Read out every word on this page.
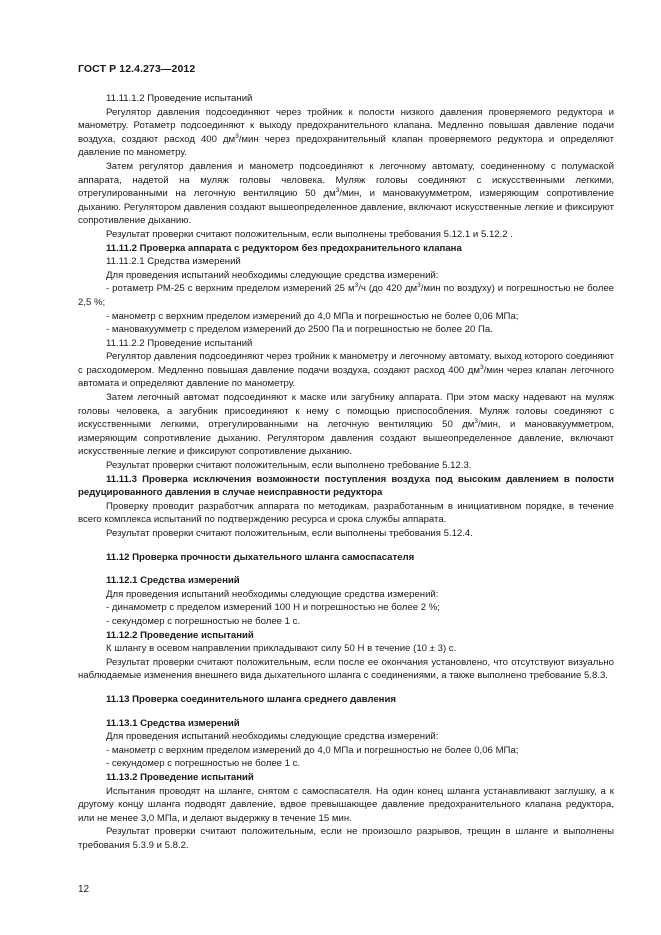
ГОСТ Р 12.4.273—2012

11.11.1.2 Проведение испытаний

Регулятор давления подсоединяют через тройник к полости низкого давления проверяемого редуктора и манометру. Ротаметр подсоединяют к выходу предохранительного клапана. Медленно повышая давление подачи воздуха, создают расход 400 $дм^3$/мин через предохранительный клапан проверяемого редуктора и определяют давление по манометру.

Затем регулятор давления и манометр подсоединяют к легочному автомату, соединенному с полумаской аппарата, надетой на муляж головы человека. Муляж головы соединяют с искусственными легкими, отрегулированными на легочную вентиляцию 50 $дм^3$/мин, и мановакуумметром, измеряющим сопротивление дыханию. Регулятором давления создают вышеопределенное давление, включают искусственные легкие и фиксируют сопротивление дыханию.

Результат проверки считают положительным, если выполнены требования 5.12.1 и 5.12.2 .

11.11.2 Проверка аппарата с редуктором без предохранительного клапана

11.11.2.1 Средства измерений

Для проведения испытаний необходимы следующие средства измерений:

- ротаметр РМ-25 с верхним пределом измерений 25 $м^3/ч$ (до 420 $дм^3$/мин по воздуху) и погрешностью не более 2,5 %;

- манометр с верхним пределом измерений до 4,0 МПа и погрешностью не более 0,06 МПа;

- мановакуумметр с пределом измерений до 2500 Па и погрешностью не более 20 Па.

11.11.2.2 Проведение испытаний

Регулятор давления подсоединяют через тройник к манометру и легочному автомату, выход которого соединяют с расходомером. Медленно повышая давление подачи воздуха, создают расход 400 $дм^3$/мин через клапан легочного автомата и определяют давление по манометру.

Затем легочный автомат подсоединяют к маске или загубнику аппарата. При этом маску надевают на муляж головы человека, а загубник присоединяют к нему с помощью приспособления. Муляж головы соединяют с искусственными легкими, отрегулированными на легочную вентиляцию 50 $дм^3$/мин, и мановакуумметром, измеряющим сопротивление дыханию. Регулятором давления создают вышеопределенное давление, включают искусственные легкие и фиксируют сопротивление дыханию.

Результат проверки считают положительным, если выполнено требование 5.12.3.

11.11.3 Проверка исключения возможности поступления воздуха под высоким давлением в полости редуцированного давления в случае неисправности редуктора

Проверку проводит разработчик аппарата по методикам, разработанным в инициативном порядке, в течение всего комплекса испытаний по подтверждению ресурса и срока службы аппарата.

Результат проверки считают положительным, если выполнены требования 5.12.4.

11.12 Проверка прочности дыхательного шланга самоспасателя

11.12.1 Средства измерений

Для проведения испытаний необходимы следующие средства измерений:

- динамометр с пределом измерений 100 Н и погрешностью не более 2 %;

- секундомер с погрешностью не более 1 с.

11.12.2 Проведение испытаний

К шлангу в осевом направлении прикладывают силу 50 Н в течение (10 ± 3) с.

Результат проверки считают положительным, если после ее окончания установлено, что отсутствуют визуально наблюдаемые изменения внешнего вида дыхательного шланга с соединениями, а также выполнено требование 5.8.3.

11.13 Проверка соединительного шланга среднего давления

11.13.1 Средства измерений

Для проведения испытаний необходимы следующие средства измерений:

- манометр с верхним пределом измерений до 4,0 МПа и погрешностью не более 0,06 МПа;

- секундомер с погрешностью не более 1 с.

11.13.2 Проведение испытаний

Испытания проводят на шланге, снятом с самоспасателя. На один конец шланга устанавливают заглушку, а к другому концу шланга подводят давление, вдвое превышающее давление предохранительного клапана редуктора, или не менее 3,0 МПа, и делают выдержку в течение 15 мин.

Результат проверки считают положительным, если не произошло разрывов, трещин в шланге и выполнены требования 5.3.9 и 5.8.2.

12
